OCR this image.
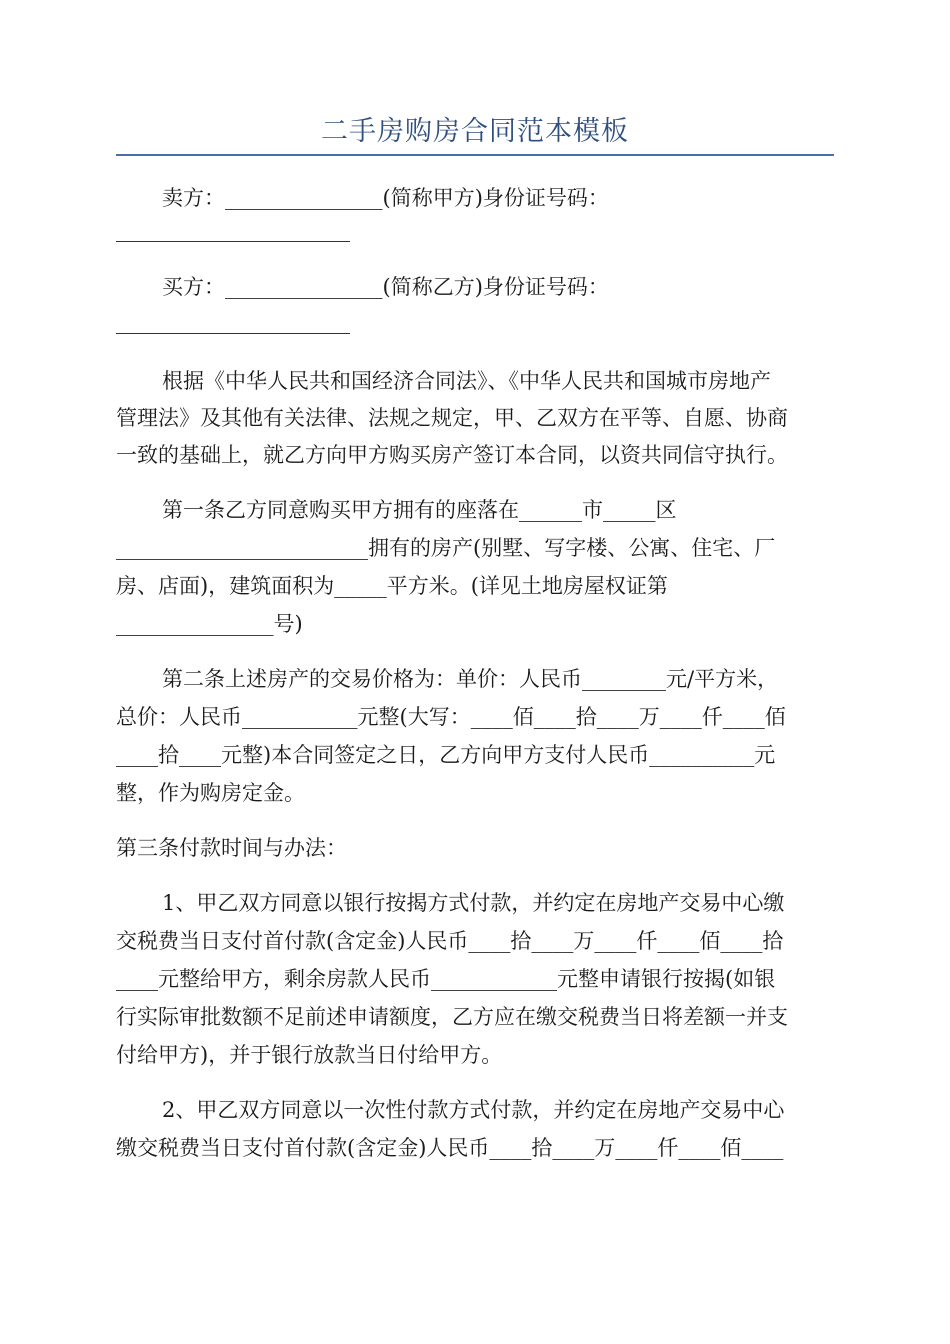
二手房购房合同范本模板
卖方：_______________(简称甲方)身份证号码：
买方：_______________(简称乙方)身份证号码：
根据《中华人民共和国经济合同法》、《中华人民共和国城市房地产
管理法》及其他有关法律、法规之规定，甲、乙双方在平等、自愿、协商
一致的基础上，就乙方向甲方购买房产签订本合同，以资共同信守执行。
第一条乙方同意购买甲方拥有的座落在______市_____区
________________________拥有的房产(别墅、写字楼、公寓、住宅、厂
房、店面)，建筑面积为_____平方米。(详见土地房屋权证第
_______________号)
第二条上述房产的交易价格为：单价：人民币________元/平方米，
总价：人民币___________元整(大写：____佰____拾____万____仟____佰
____拾____元整)本合同签定之日，乙方向甲方支付人民币__________元
整，作为购房定金。
第三条付款时间与办法：
1、甲乙双方同意以银行按揭方式付款，并约定在房地产交易中心缴
交税费当日支付首付款(含定金)人民币____拾____万____仟____佰____拾
____元整给甲方，剩余房款人民币____________元整申请银行按揭(如银
行实际审批数额不足前述申请额度，乙方应在缴交税费当日将差额一并支
付给甲方)，并于银行放款当日付给甲方。
2、甲乙双方同意以一次性付款方式付款，并约定在房地产交易中心
缴交税费当日支付首付款(含定金)人民币____拾____万____仟____佰____
